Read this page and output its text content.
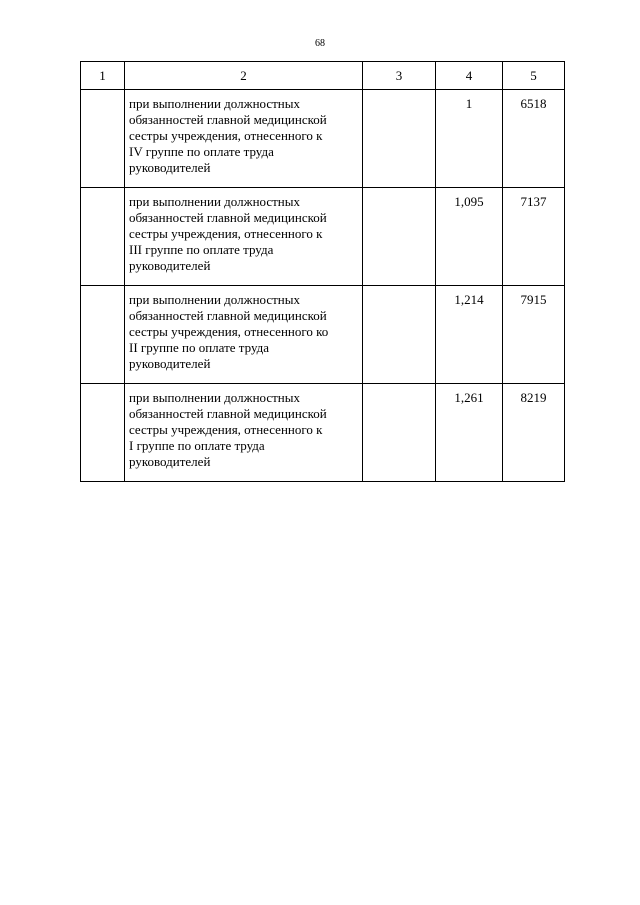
68
1	2	3	4	5
	при выполнении должностных
обязанностей главной медицинской
сестры учреждения, отнесенного к
IV группе по оплате труда
руководителей		1	6518
	при выполнении должностных
обязанностей главной медицинской
сестры учреждения, отнесенного к
III группе по оплате труда
руководителей		1,095	7137
	при выполнении должностных
обязанностей главной медицинской
сестры учреждения, отнесенного ко
II группе по оплате труда
руководителей		1,214	7915
	при выполнении должностных
обязанностей главной медицинской
сестры учреждения, отнесенного к
I группе по оплате труда
руководителей		1,261	8219
